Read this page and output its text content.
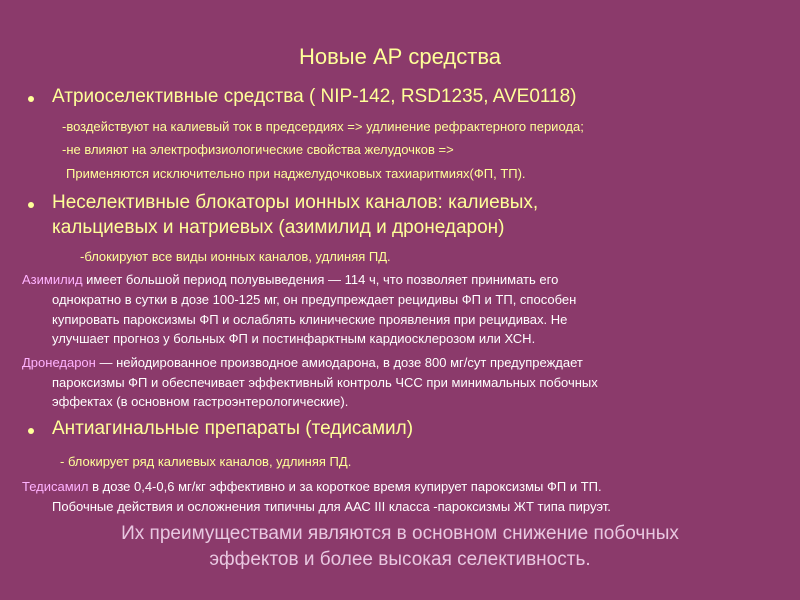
Новые АР средства
Атриоселективные средства ( NIP-142, RSD1235, AVE0118)
-воздействуют на калиевый ток в предсердиях => удлинение рефрактерного периода;
-не влияют на электрофизиологические свойства желудочков =>
Применяются исключительно при наджелудочковых тахиаритмиях(ФП, ТП).
Неселективные блокаторы ионных каналов: калиевых,
кальциевых и натриевых (азимилид и дронедарон)
-блокируют все виды ионных каналов, удлиняя ПД.
Азимилид имеет большой период полувыведения — 114 ч, что позволяет принимать его
однократно в сутки в дозе 100-125 мг, он предупреждает рецидивы ФП и ТП, способен
купировать пароксизмы ФП и ослаблять клинические проявления при рецидивах. Не
улучшает прогноз у больных ФП и постинфарктным кардиосклерозом или ХСН.
Дронедарон — нейодированное производное амиодарона, в дозе 800 мг/сут предупреждает
пароксизмы ФП и обеспечивает эффективный контроль ЧСС при минимальных побочных
эффектах (в основном гастроэнтерологические).
Антиагинальные препараты (тедисамил)
- блокирует ряд калиевых каналов, удлиняя ПД.
Тедисамил в дозе 0,4-0,6 мг/кг эффективно и за короткое время купирует пароксизмы ФП и ТП.
Побочные действия и осложнения типичны для ААС III класса -пароксизмы ЖТ типа пируэт.
Их преимуществами являются в основном снижение побочных
эффектов и более высокая селективность.
